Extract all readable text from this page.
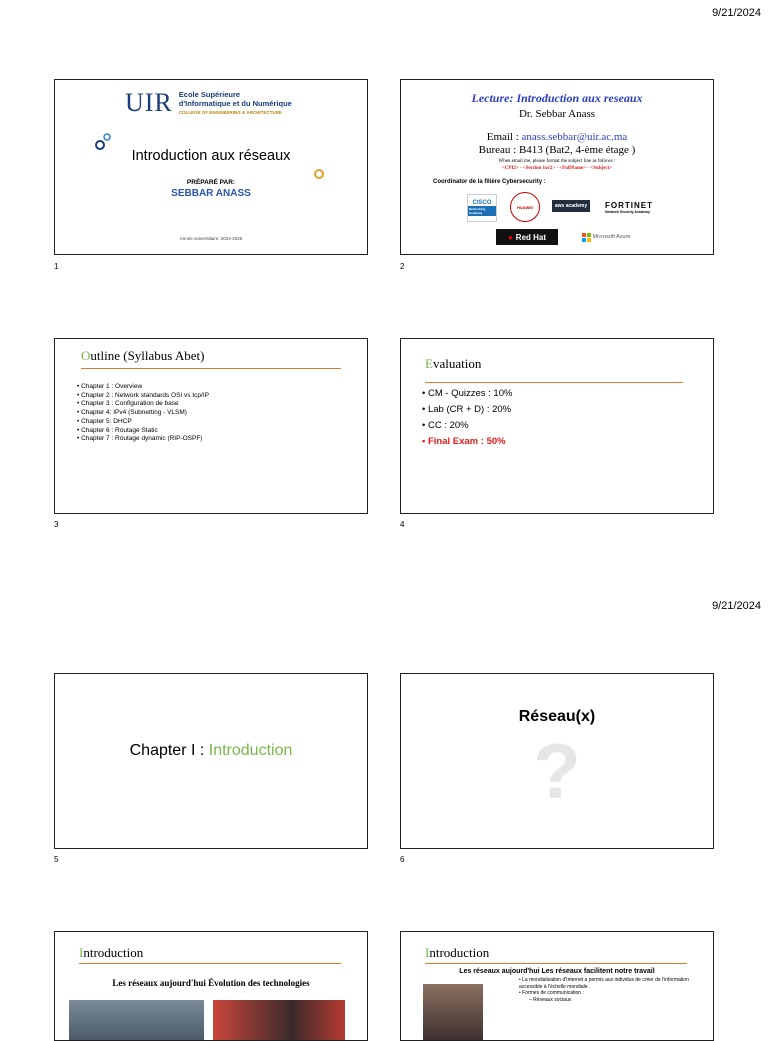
9/21/2024
9/21/2024
UIR Ecole Supérieure
d'Informatique et du Numérique
COLLEGE OF ENGINEERING & ARCHITECTURE
Introduction aux réseaux
PRÉPARÉ PAR:
SEBBAR ANASS
Année universitaire: 2024-2025
1
Lecture: Introduction aux reseaux
Dr. Sebbar Anass
Email : anass.sebbar@uir.ac.ma
Bureau : B413 (Bat2, 4-ème étage )
When email me, please format the subject line as follows :
<CPI2> - <Section 1or2> - <FullName> - <Subject>
Coordinator de la filière Cybersecurity :
CISCO
Networking Academy
HUAWEI	aws academy FORTINET
Network Security Academy
● Red Hat	Microsoft Azure
2
Outline (Syllabus Abet)
• Chapter 1 : Overview
• Chapter 2 : Network standards OSI vs tcp/IP
• Chapter 3 : Configuration de base
• Chapter 4: IPv4 (Subnetting - VLSM)
• Chapter 5: DHCP
• Chapter 6 : Routage Static
• Chapter 7 : Routage dynamic (RIP-OSPF)
3
Evaluation
• CM - Quizzes : 10%
• Lab (CR + D) : 20%
• CC : 20%
• Final Exam : 50%
4
Chapter I : Introduction
5
Réseau(x)
?
6
Introduction
Les réseaux aujourd'hui Évolution des technologies
Introduction
Les réseaux aujourd'hui Les réseaux facilitent notre travail
• La mondialisation d'Internet a permis aux individus de créer de l'information accessible à l'échelle mondiale.
• Formes de communication :
– Réseaux sociaux
